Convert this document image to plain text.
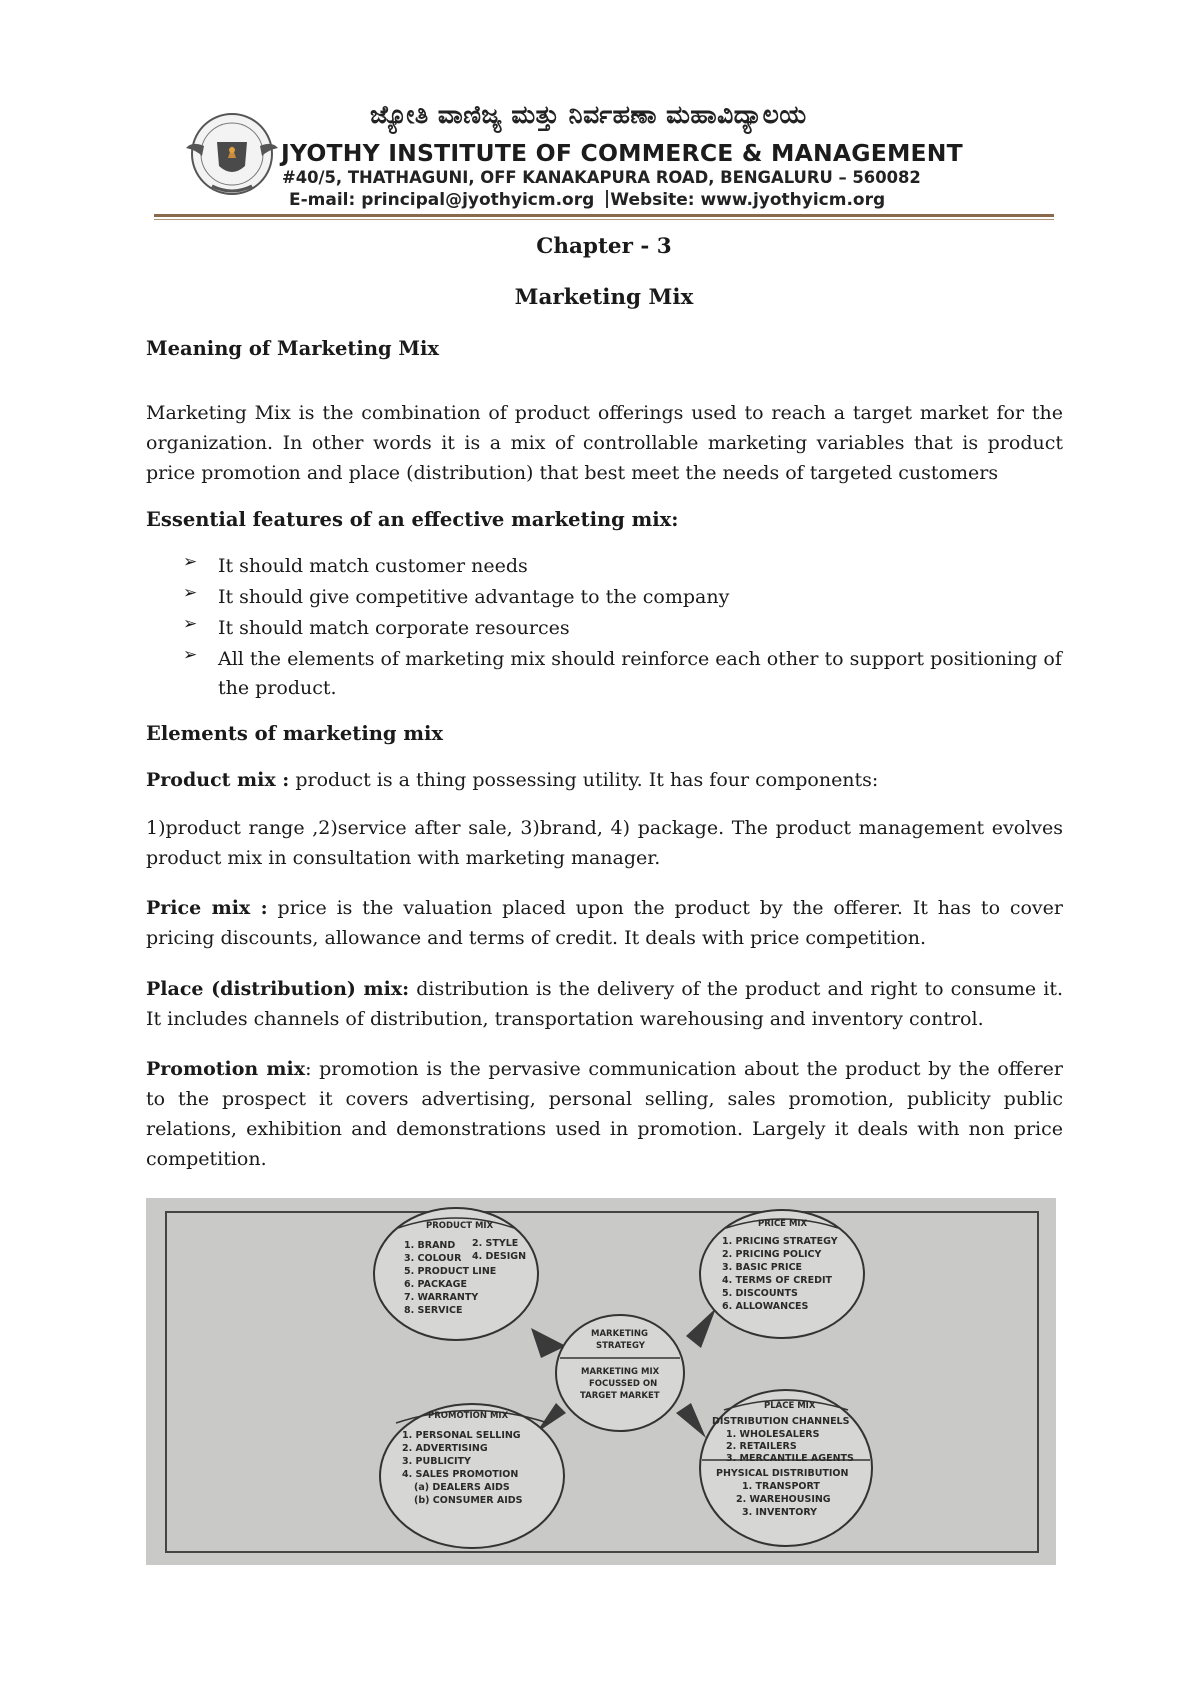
ಜ್ಯೋತಿ ವಾಣಿಜ್ಯ ಮತ್ತು ನಿರ್ವಹಣಾ ಮಹಾವಿದ್ಯಾಲಯ
JYOTHY INSTITUTE OF COMMERCE & MANAGEMENT
#40/5, THATHAGUNI, OFF KANAKAPURA ROAD, BENGALURU – 560082
E-mail: principal@jyothyicm.org Website: www.jyothyicm.org
Chapter - 3
Marketing Mix
Meaning of Marketing Mix
Marketing Mix is the combination of product offerings used to reach a target market for the organization. In other words it is a mix of controllable marketing variables that is product price promotion and place (distribution) that best meet the needs of targeted customers
Essential features of an effective marketing mix:
➢ It should match customer needs
➢ It should give competitive advantage to the company
➢ It should match corporate resources
➢ All the elements of marketing mix should reinforce each other to support positioning of the product.
Elements of marketing mix
Product mix : product is a thing possessing utility. It has four components:
1)product range ,2)service after sale, 3)brand, 4) package. The product management evolves product mix in consultation with marketing manager.
Price mix : price is the valuation placed upon the product by the offerer. It has to cover pricing discounts, allowance and terms of credit. It deals with price competition.
Place (distribution) mix: distribution is the delivery of the product and right to consume it. It includes channels of distribution, transportation warehousing and inventory control.
Promotion mix: promotion is the pervasive communication about the product by the offerer to the prospect it covers advertising, personal selling, sales promotion, publicity public relations, exhibition and demonstrations used in promotion. Largely it deals with non price competition.
PRODUCT MIX
1. BRAND 2. STYLE
3. COLOUR 4. DESIGN
5. PRODUCT LINE
6. PACKAGE
7. WARRANTY
8. SERVICE
PRICE MIX
1. PRICING STRATEGY
2. PRICING POLICY
3. BASIC PRICE
4. TERMS OF CREDIT
5. DISCOUNTS
6. ALLOWANCES
MARKETING
STRATEGY
MARKETING MIX
FOCUSSED ON
TARGET MARKET
PROMOTION MIX
1. PERSONAL SELLING
2. ADVERTISING
3. PUBLICITY
4. SALES PROMOTION
(a) DEALERS AIDS
(b) CONSUMER AIDS
PLACE MIX
DISTRIBUTION CHANNELS
1. WHOLESALERS
2. RETAILERS
3. MERCANTILE AGENTS
PHYSICAL DISTRIBUTION
1. TRANSPORT
2. WAREHOUSING
3. INVENTORY
